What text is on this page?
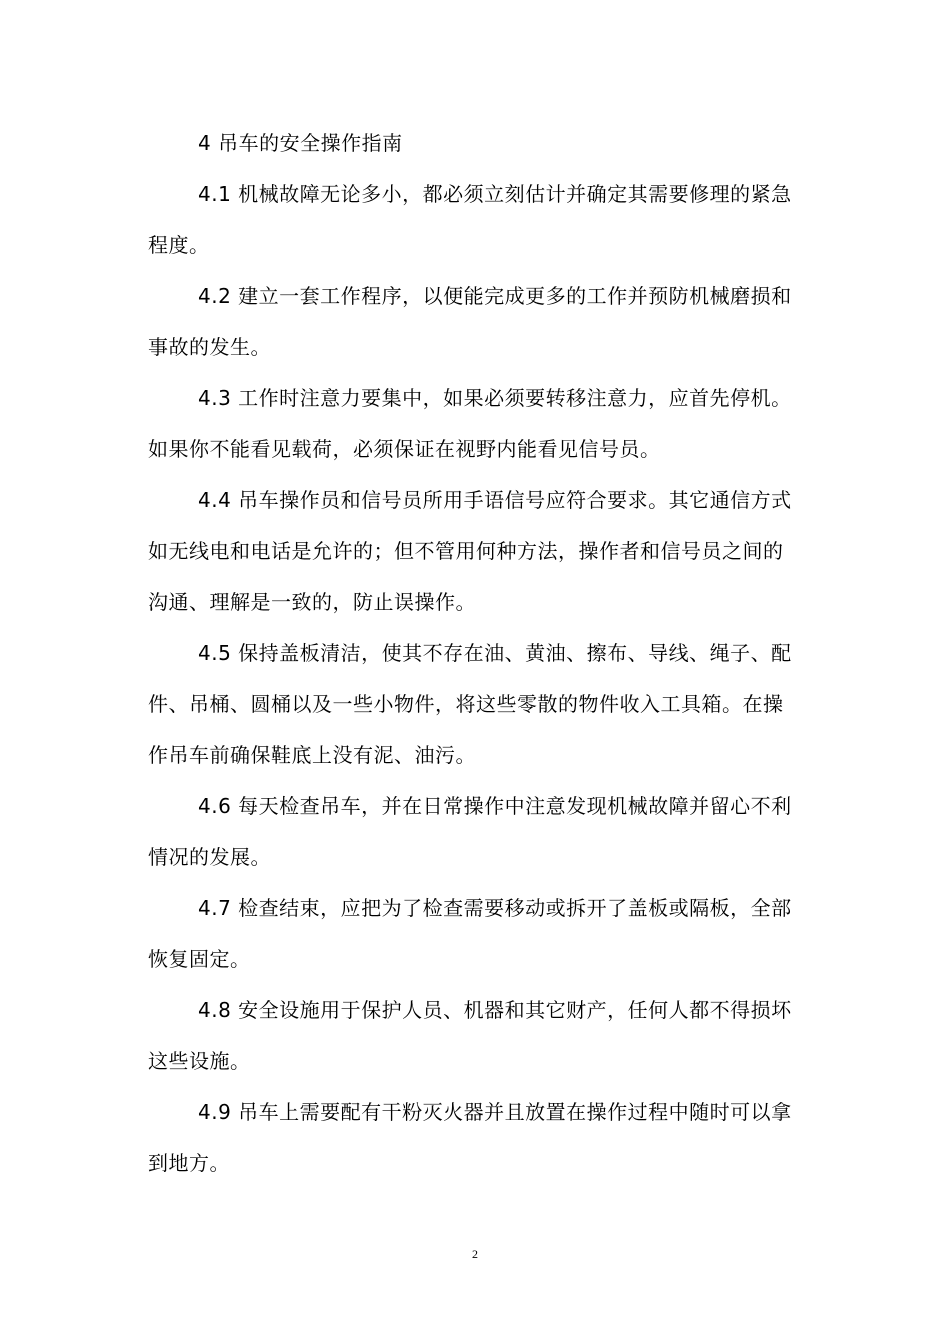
4 吊车的安全操作指南

4.1 机械故障无论多小，都必须立刻估计并确定其需要修理的紧急程度。

4.2 建立一套工作程序，以便能完成更多的工作并预防机械磨损和事故的发生。

4.3 工作时注意力要集中，如果必须要转移注意力，应首先停机。如果你不能看见载荷，必须保证在视野内能看见信号员。

4.4 吊车操作员和信号员所用手语信号应符合要求。其它通信方式如无线电和电话是允许的；但不管用何种方法，操作者和信号员之间的沟通、理解是一致的，防止误操作。

4.5 保持盖板清洁，使其不存在油、黄油、擦布、导线、绳子、配件、吊桶、圆桶以及一些小物件，将这些零散的物件收入工具箱。在操作吊车前确保鞋底上没有泥、油污。

4.6 每天检查吊车，并在日常操作中注意发现机械故障并留心不利情况的发展。

4.7 检查结束，应把为了检查需要移动或拆开了盖板或隔板，全部恢复固定。

4.8 安全设施用于保护人员、机器和其它财产，任何人都不得损坏这些设施。

4.9 吊车上需要配有干粉灭火器并且放置在操作过程中随时可以拿到地方。

2
